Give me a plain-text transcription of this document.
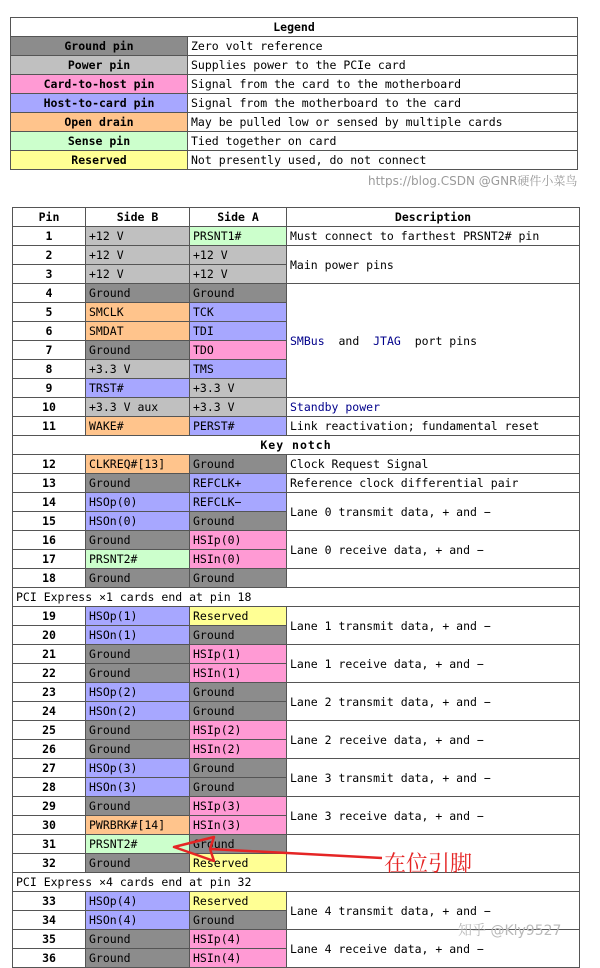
Legend	
Ground pin	Zero volt reference
Power pin	Supplies power to the PCIe card
Card-to-host pin	Signal from the card to the motherboard
Host-to-card pin	Signal from the motherboard to the card
Open drain	May be pulled low or sensed by multiple cards
Sense pin	Tied together on card
Reserved	Not presently used, do not connect
https://blog.CSDN @GNR硬件小菜鸟
Pin	Side B	Side A	Description
1	+12 V	PRSNT1#	Must connect to farthest PRSNT2# pin
2	+12 V	+12 V	Main power pins
3	+12 V	+12 V	
4	Ground	Ground	SMBus and JTAG port pins
5	SMCLK	TCK	
6	SMDAT	TDI	
7	Ground	TDO	
8	+3.3 V	TMS	
9	TRST#	+3.3 V	
10	+3.3 V aux	+3.3 V	Standby power
11	WAKE#	PERST#	Link reactivation; fundamental reset
Key notch			
12	CLKREQ#[13]	Ground	Clock Request Signal
13	Ground	REFCLK+	Reference clock differential pair
14	HSOp(0)	REFCLK−	Lane 0 transmit data, + and −
15	HSOn(0)	Ground	
16	Ground	HSIp(0)	Lane 0 receive data, + and −
17	PRSNT2#	HSIn(0)	
18	Ground	Ground	
PCI Express ×1 cards end at pin 18			
19	HSOp(1)	Reserved	Lane 1 transmit data, + and −
20	HSOn(1)	Ground	
21	Ground	HSIp(1)	Lane 1 receive data, + and −
22	Ground	HSIn(1)	
23	HSOp(2)	Ground	Lane 2 transmit data, + and −
24	HSOn(2)	Ground	
25	Ground	HSIp(2)	Lane 2 receive data, + and −
26	Ground	HSIn(2)	
27	HSOp(3)	Ground	Lane 3 transmit data, + and −
28	HSOn(3)	Ground	
29	Ground	HSIp(3)	Lane 3 receive data, + and −
30	PWRBRK#[14]	HSIn(3)	
31	PRSNT2#	Ground	
32	Ground	Reserved	
PCI Express ×4 cards end at pin 32			
33	HSOp(4)	Reserved	Lane 4 transmit data, + and −
34	HSOn(4)	Ground	
35	Ground	HSIp(4)	Lane 4 receive data, + and −
36	Ground	HSIn(4)	
在位引脚
知乎 @Kly9527
